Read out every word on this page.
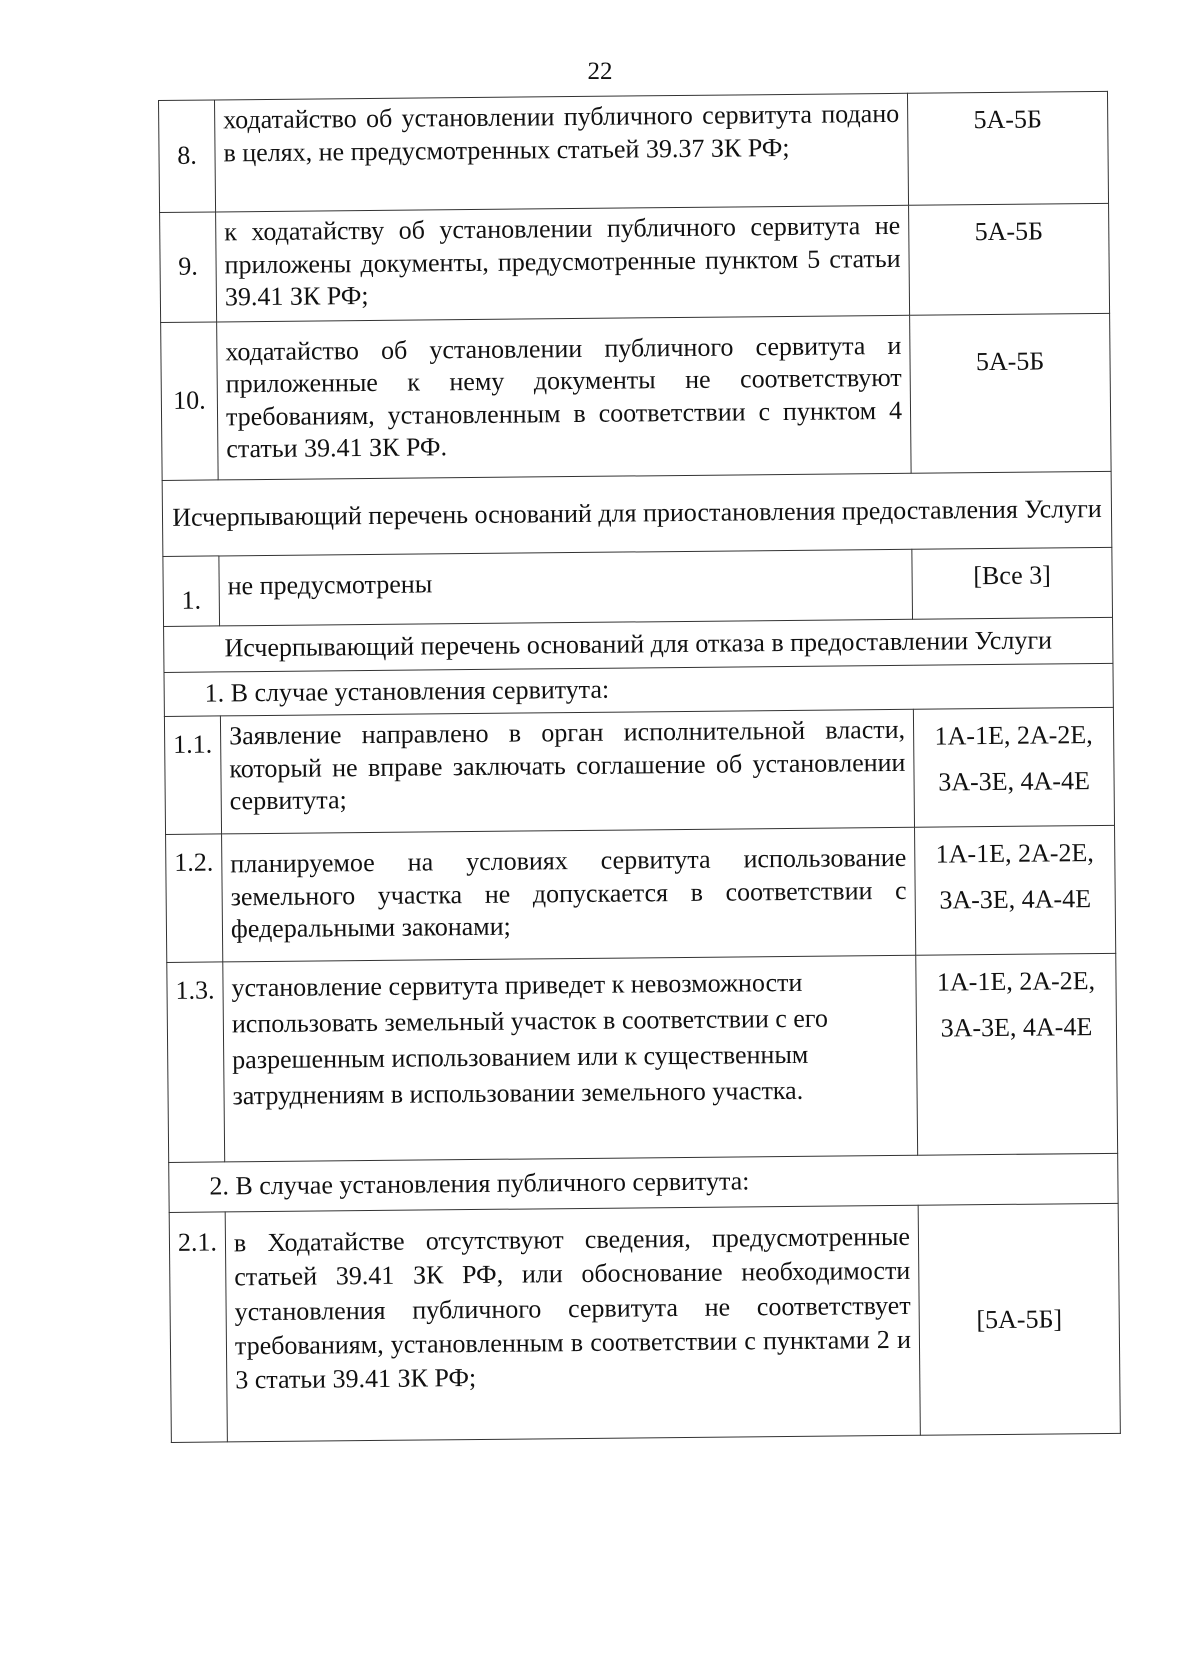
22
8.	ходатайство об установлении публичного сервитута подано в целях, не предусмотренных статьей 39.37 ЗК РФ;	5А-5Б

9.	к ходатайству об установлении публичного сервитута не приложены документы, предусмотренные пунктом 5 статьи 39.41 ЗК РФ;	5А-5Б

10.	ходатайство об установлении публичного сервитута и приложенные к нему документы не соответствуют требованиям, установленным в соответствии с пунктом 4 статьи 39.41 ЗК РФ.	5А-5Б

Исчерпывающий перечень оснований для приостановления предоставления Услуги		
1.	не предусмотрены	[Все 3]

Исчерпывающий перечень оснований для отказа в предоставлении Услуги		
1. В случае установления сервитута:		
1.1.	Заявление направлено в орган исполнительной власти, который не вправе заключать соглашение об установлении сервитута;	1А-1Е, 2А-2Е,
3А-3Е, 4А-4Е

1.2.	планируемое на условиях сервитута использование земельного участка не допускается в соответствии с федеральными законами;	1А-1Е, 2А-2Е,
3А-3Е, 4А-4Е

1.3.	установление сервитута приведет к невозможности использовать земельный участок в соответствии с его разрешенным использованием или к существенным затруднениям в использовании земельного участка.	1А-1Е, 2А-2Е,
3А-3Е, 4А-4Е

2. В случае установления публичного сервитута:		
2.1.	в Ходатайстве отсутствуют сведения, предусмотренные статьей 39.41 ЗК РФ, или обоснование необходимости установления публичного сервитута не соответствует требованиям, установленным в соответствии с пунктами 2 и 3 статьи 39.41 ЗК РФ;	[5А-5Б]
